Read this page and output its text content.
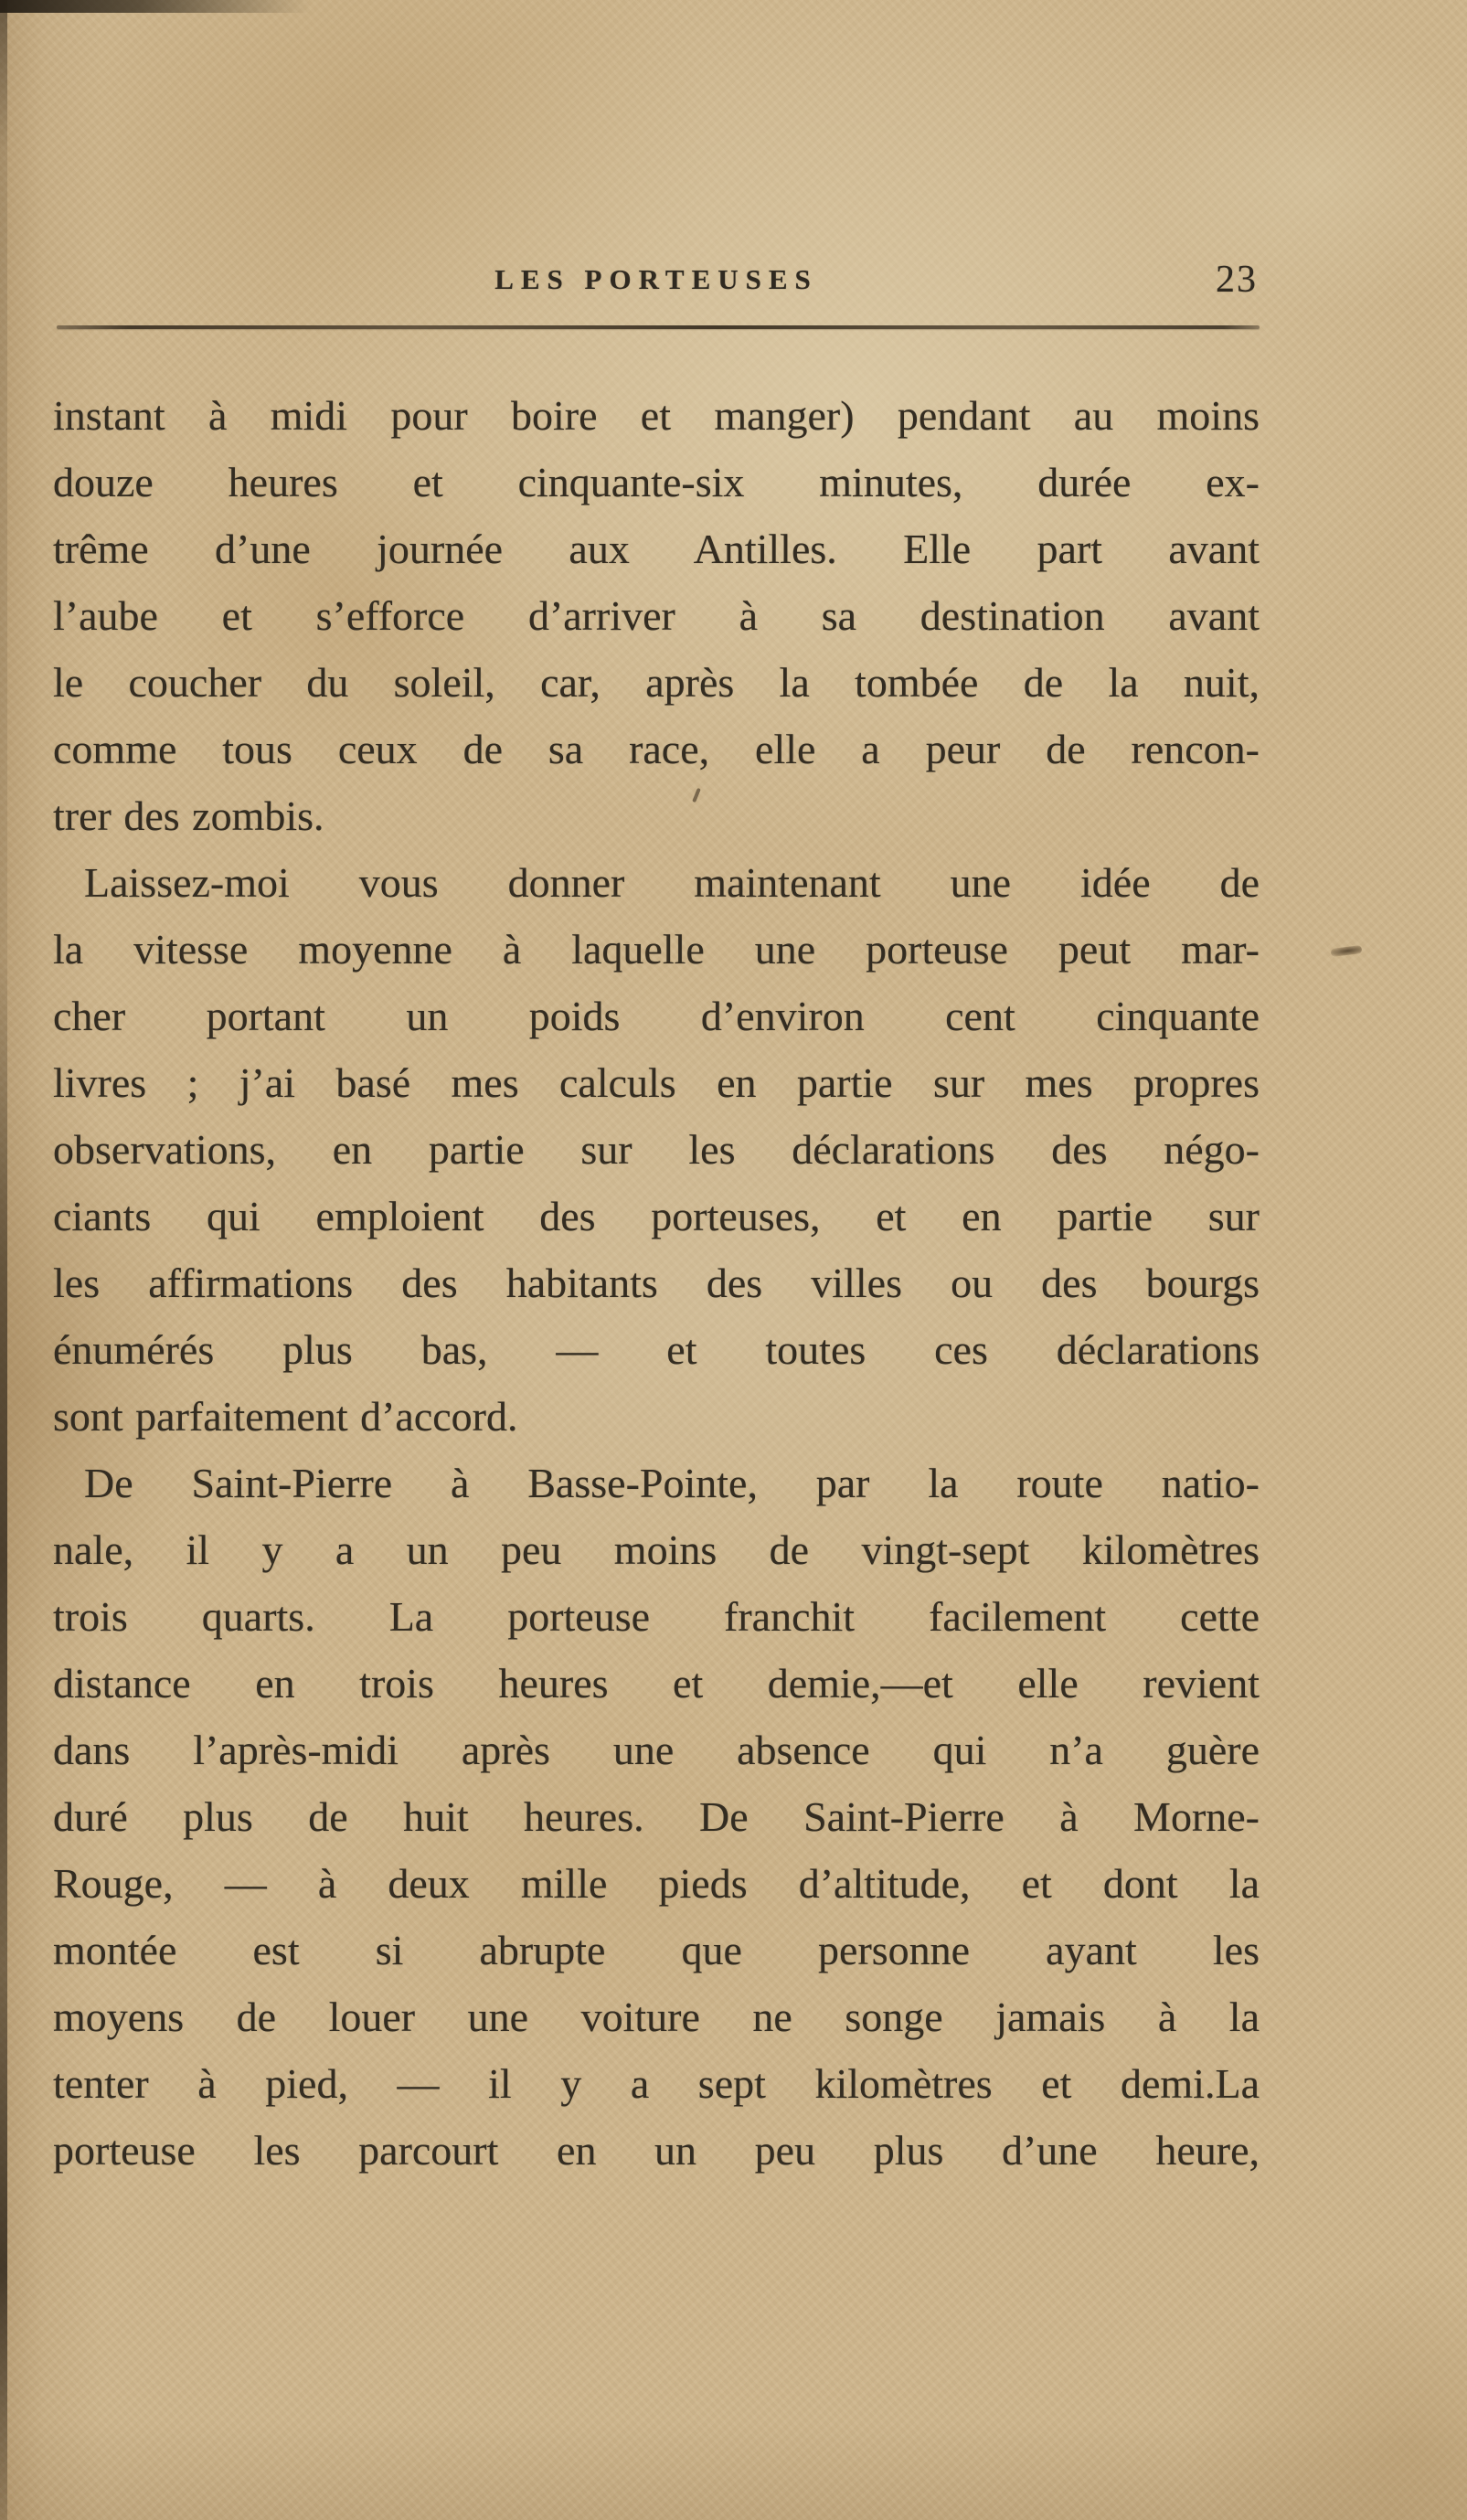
LES PORTEUSES	23
instant à midi pour boire et manger) pendant au moins
douze heures et cinquante-six minutes, durée ex-
trême d’une journée aux Antilles. Elle part avant
l’aube et s’efforce d’arriver à sa destination avant
le coucher du soleil, car, après la tombée de la nuit,
comme tous ceux de sa race, elle a peur de rencon-
trer des zombis.
Laissez-moi vous donner maintenant une idée de
la vitesse moyenne à laquelle une porteuse peut mar-
cher portant un poids d’environ cent cinquante
livres ; j’ai basé mes calculs en partie sur mes propres
observations, en partie sur les déclarations des négo-
ciants qui emploient des porteuses, et en partie sur
les affirmations des habitants des villes ou des bourgs
énumérés plus bas, — et toutes ces déclarations
sont parfaitement d’accord.
De Saint-Pierre à Basse-Pointe, par la route natio-
nale, il y a un peu moins de vingt-sept kilomètres
trois quarts. La porteuse franchit facilement cette
distance en trois heures et demie,—et elle revient
dans l’après-midi après une absence qui n’a guère
duré plus de huit heures. De Saint-Pierre à Morne-
Rouge, — à deux mille pieds d’altitude, et dont la
montée est si abrupte que personne ayant les
moyens de louer une voiture ne songe jamais à la
tenter à pied, — il y a sept kilomètres et demi.La
porteuse les parcourt en un peu plus d’une heure,
